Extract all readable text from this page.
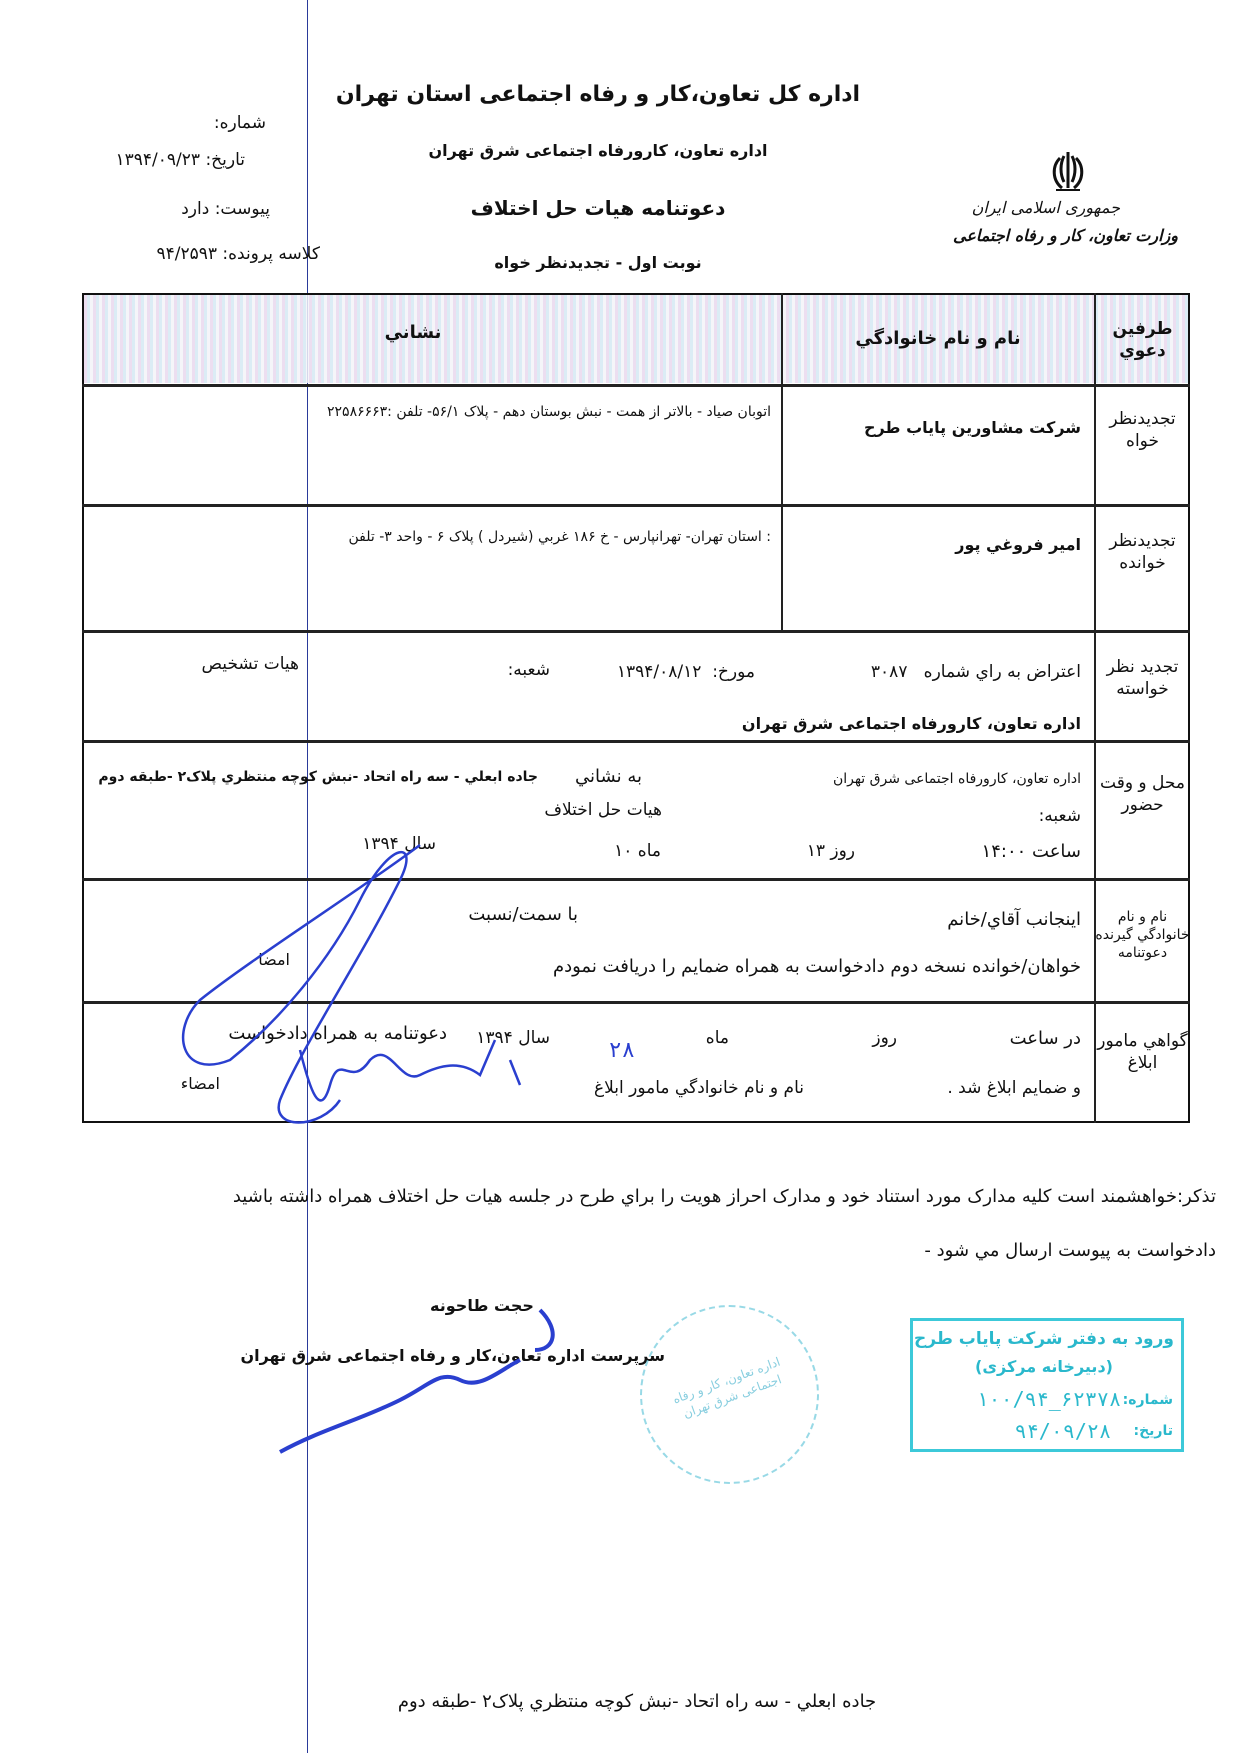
اداره کل تعاون،کار و رفاه اجتماعی استان تهران
اداره تعاون، کارورفاه اجتماعی شرق تهران
دعوتنامه هيات حل اختلاف
نوبت اول - تجديدنظر خواه
جمهوری اسلامی ایران
وزارت تعاون، کار و رفاه اجتماعی
شماره:
تاريخ: ۱۳۹۴/۰۹/۲۳
پيوست: دارد
کلاسه پرونده: ۹۴/۲۵۹۳
طرفين دعوي
نام و نام خانوادگي
نشاني
تجديدنظر خواه
شرکت مشاورين پاياب طرح
اتوبان صياد - بالاتر از همت - نبش بوستان دهم - پلاک ۵۶/۱- تلفن :۲۲۵۸۶۶۶۳
تجديدنظر خوانده
امير فروغي پور
: استان تهران- تهرانپارس - خ ۱۸۶ غربي (شيردل ) پلاک ۶ - واحد ۳- تلفن
تجديد نظر خواسته
اعتراض به راي شماره   ۳۰۸۷
مورخ:  ۱۳۹۴/۰۸/۱۲
شعبه:
هيات تشخيص
اداره تعاون، کارورفاه اجتماعی شرق تهران
محل و وقت حضور
اداره تعاون، کارورفاه اجتماعی شرق تهران
به نشاني
جاده ابعلي - سه راه اتحاد -نبش کوچه منتظري پلاک۲ -طبقه دوم
هيات حل اختلاف	شعبه:
ساعت ۱۴:۰۰
روز ۱۳
ماه ۱۰
سال ۱۳۹۴
نام و نام خانوادگي گيرنده دعوتنامه
اينجانب آقاي/خانم
با سمت/نسبت
خواهان/خوانده نسخه دوم دادخواست به همراه ضمايم را دريافت نمودم
امضا
گواهي مامور ابلاغ
در ساعت
روز
ماه
سال ۱۳۹۴
دعوتنامه به همراه دادخواست
و ضمايم ابلاغ شد .
نام و نام خانوادگي مامور ابلاغ
امضاء
۲۸
تذکر:خواهشمند است کليه مدارک مورد استناد خود و مدارک احراز هويت را براي طرح در جلسه هيات حل اختلاف همراه داشته باشيد
دادخواست به پيوست ارسال مي شود -
حجت طاحونه
سرپرست اداره تعاون،کار و رفاه اجتماعی شرق تهران اداره تعاون، کار و رفاه اجتماعی شرق تهران
ورود به دفتر شرکت پاياب طرح
(دبيرخانه مرکزی)
شماره:
۱۰۰/۹۴_۶۲۳۷۸
تاریخ:
۹۴/۰۹/۲۸
جاده ابعلي - سه راه اتحاد -نبش کوچه منتظري پلاک۲ -طبقه دوم
